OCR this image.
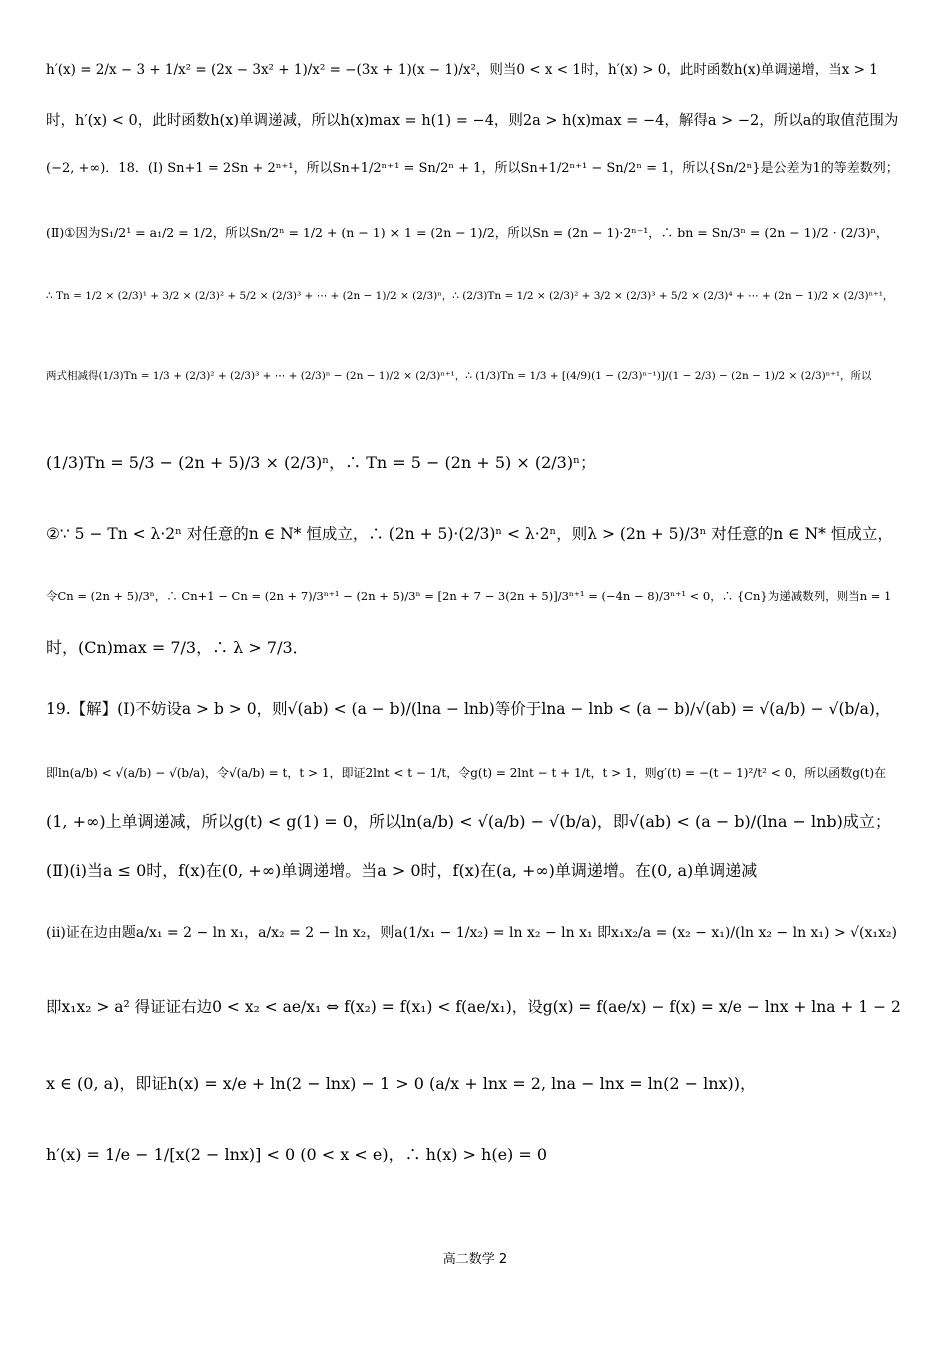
h′(x) = 2/x − 3 + 1/x² = (2x − 3x² + 1)/x² = −(3x + 1)(x − 1)/x²，则当0 < x < 1时，h′(x) > 0，此时函数h(x)单调递增，当x > 1
时，h′(x) < 0，此时函数h(x)单调递减，所以h(x)max = h(1) = −4，则2a > h(x)max = −4，解得a > −2，所以a的取值范围为
(−2, +∞)．18．(Ⅰ) Sn+1 = 2Sn + 2ⁿ⁺¹，所以Sn+1/2ⁿ⁺¹ = Sn/2ⁿ + 1，所以Sn+1/2ⁿ⁺¹ − Sn/2ⁿ = 1，所以{Sn/2ⁿ}是公差为1的等差数列；
(Ⅱ)①因为S₁/2¹ = a₁/2 = 1/2，所以Sn/2ⁿ = 1/2 + (n − 1) × 1 = (2n − 1)/2，所以Sn = (2n − 1)·2ⁿ⁻¹，∴ bn = Sn/3ⁿ = (2n − 1)/2 · (2/3)ⁿ，
∴ Tn = 1/2 × (2/3)¹ + 3/2 × (2/3)² + 5/2 × (2/3)³ + ⋯ + (2n − 1)/2 × (2/3)ⁿ，∴ (2/3)Tn = 1/2 × (2/3)² + 3/2 × (2/3)³ + 5/2 × (2/3)⁴ + ⋯ + (2n − 1)/2 × (2/3)ⁿ⁺¹，
两式相减得(1/3)Tn = 1/3 + (2/3)² + (2/3)³ + ⋯ + (2/3)ⁿ − (2n − 1)/2 × (2/3)ⁿ⁺¹，∴ (1/3)Tn = 1/3 + [(4/9)(1 − (2/3)ⁿ⁻¹)]/(1 − 2/3) − (2n − 1)/2 × (2/3)ⁿ⁺¹，所以
(1/3)Tn = 5/3 − (2n + 5)/3 × (2/3)ⁿ，∴ Tn = 5 − (2n + 5) × (2/3)ⁿ；
②∵ 5 − Tn < λ·2ⁿ 对任意的n ∈ N* 恒成立，∴ (2n + 5)·(2/3)ⁿ < λ·2ⁿ，则λ > (2n + 5)/3ⁿ 对任意的n ∈ N* 恒成立，
令Cn = (2n + 5)/3ⁿ，∴ Cn+1 − Cn = (2n + 7)/3ⁿ⁺¹ − (2n + 5)/3ⁿ = [2n + 7 − 3(2n + 5)]/3ⁿ⁺¹ = (−4n − 8)/3ⁿ⁺¹ < 0，∴ {Cn}为递减数列，则当n = 1
时，(Cn)max = 7/3，∴ λ > 7/3．
19.【解】(Ⅰ)不妨设a > b > 0，则√(ab) < (a − b)/(lna − lnb)等价于lna − lnb < (a − b)/√(ab) = √(a/b) − √(b/a)，
即ln(a/b) < √(a/b) − √(b/a)，令√(a/b) = t，t > 1，即证2lnt < t − 1/t，令g(t) = 2lnt − t + 1/t，t > 1，则g′(t) = −(t − 1)²/t² < 0，所以函数g(t)在
(1, +∞)上单调递减，所以g(t) < g(1) = 0，所以ln(a/b) < √(a/b) − √(b/a)，即√(ab) < (a − b)/(lna − lnb)成立；
(Ⅱ)(ⅰ)当a ≤ 0时，f(x)在(0, +∞)单调递增。当a > 0时，f(x)在(a, +∞)单调递增。在(0, a)单调递减
(ⅱ)证在边由题a/x₁ = 2 − ln x₁，a/x₂ = 2 − ln x₂，则a(1/x₁ − 1/x₂) = ln x₂ − ln x₁ 即x₁x₂/a = (x₂ − x₁)/(ln x₂ − ln x₁) > √(x₁x₂)
即x₁x₂ > a² 得证证右边0 < x₂ < ae/x₁ ⇔ f(x₂) = f(x₁) < f(ae/x₁)，设g(x) = f(ae/x) − f(x) = x/e − lnx + lna + 1 − 2
x ∈ (0, a)，即证h(x) = x/e + ln(2 − lnx) − 1 > 0 (a/x + lnx = 2, lna − lnx = ln(2 − lnx))，
h′(x) = 1/e − 1/[x(2 − lnx)] < 0 (0 < x < e)，∴ h(x) > h(e) = 0
高二数学 2
